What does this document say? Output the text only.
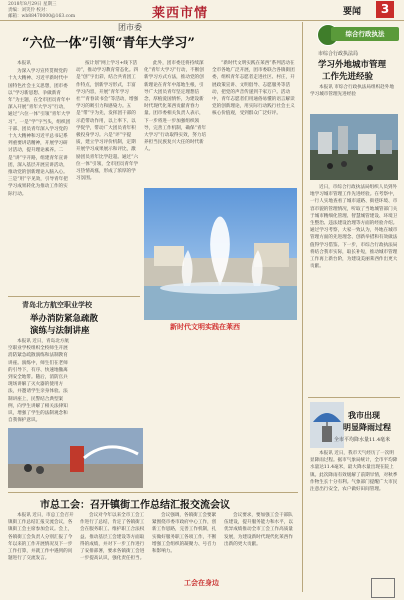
2018年8月29日 星期三
责编：刘笑伶 校对：
邮箱：wb88470000@163.com	莱西市情	要闻	3
团市委
“六位一体”引领“青年大学习”

本报讯

为深入学习宣传贯彻党的十九大精神、习近平新时代中国特色社会主义思想，团市委以“学习新思想、争做新青年”为主题，在全市团员青年中深入开展“青年大学习”行动，通过“六位一体”引领“青年大学习”。一是“学”字当头，组织团干部、团员青年深入学习党的十九大精神和习近平总书记系列重要讲话精神，开展学习研讨活动，提升理论素养。二是“讲”字开路，组建青年宣讲团，深入基层开展宣讲活动，推动党的创新理论入脑入心。三是“用”字见效，引导青年把学习成果转化为推动工作的实际行动。

按计划“网上学习+线下活动”，推动学习教育常态化。四是“创”字出彩，结合共青团工作特点，创新学习形式，丰富学习内容，开展“青年学习社”“青春读书会”等活动，增强学习的吸引力和感染力。五是“带”字为先，发挥团干部的示范带动作用，以上率下、以学促学，带动广大团员青年积极投身学习。六是“评”字提质，建立学习评价机制，定期开展学习成果展示和评比，激励团员青年比学赶超。通过“六位一体”引领，全市团员青年学习热情高涨，形成了浓厚的学习氛围。

此外，团市委还将持续深化“青年大学习”行动，不断创新学习方式方法，推动党的创新理论在青年中落地生根，引导广大团员青年坚定理想信念，厚植爱国情怀，为建设新时代现代化莱西贡献青春力量。团市委相关负责人表示，下一步将进一步加强组织领导，完善工作机制，确保“青年大学习”行动取得实效，努力培养担当民族复兴大任的时代新人。

“新时代文明实践在莱西”系列活动在全市各地广泛开展，团市委联合各镇街团委，组织青年志愿者走进社区、村庄，开展政策宣讲、文明倡导、志愿服务等活动，把党的声音传递到千家万户。活动中，青年志愿者们用通俗易懂的语言解读党的创新理论，用实际行动践行社会主义核心价值观，受到群众广泛好评。

新时代文明实践在莱西
综合行政执法
市综合行政执法局
学习外地城市管理
工作先进经验

本报讯 市综合行政执法局组织赴外地学习城市管理先进经验

近日，市综合行政执法局组织人员到外地学习城市管理工作先进经验。在考察中，一行人实地查看了城市道路、街巷环境、市容市貌的管理情况，听取了当地城管部门关于城市精细化管理、智慧城管建设、环境卫生整治、违法建设治理等方面的经验介绍。通过学习考察，大家一致认为，外地在城市管理方面的先进理念、创新举措和有效做法值得学习借鉴。下一步，市综合行政执法局将结合我市实际，取长补短，推动城市管理工作再上新台阶，为建设美丽莱西作出更大贡献。

我市出现
明显降雨过程
全市平均降水量11.4毫米

本报讯 近日，我市天气经历了一次明显降雨过程。据市气象局统计，全市平均降水量达11.4毫米，最大降水量出现在院上镇。此次降雨有效缓解了前期旱情，对秋季作物生长十分有利。气象部门提醒广大市民注意出行安全，农户做好田间管理。

青岛北方航空职业学校
举办消防紧急疏散
演练与法制讲座

本报讯 近日，青岛北方航空职业学校组织全校师生开展消防紧急疏散演练和法制教育讲座。演练中，师生们在老师的引导下，有序、快速地撤离到安全地带。随后，消防官兵现场讲解了灭火器的使用方法，并邀请学生亲身体验。法制讲座上，民警结合典型案例，向学生讲解了相关法律知识，增强了学生的法制观念和自我保护意识。

市总工会：召开镇街工作总结汇报交流会议

本报讯 近日，市总工会召开镇街工作总结汇报交流会议，各镇街工会主席参加会议。会上，各镇街工会负责人分别汇报了今年以来的工作开展情况及下一步工作打算，并就工作中遇到的问题进行了交流发言。

会议对今年以来全市工会工作进行了总结，肯定了各镇街工会在服务职工、维护职工合法权益、推动基层工会建设等方面取得的成绩，并对下一步工作进行了安排部署，要求各镇街工会进一步提高认识，强化责任担当。

会议强调，各镇街工会要紧紧围绕市委市政府中心工作，创新工作思路，完善工作机制，扎实做好服务职工各项工作，不断增强工会组织的凝聚力、号召力和影响力。

会议要求，要加强工会干部队伍建设，提升服务能力和水平，以优异成绩推动全市工会工作高质量发展，为建设新时代现代化莱西作出新的更大贡献。

工会在身边
